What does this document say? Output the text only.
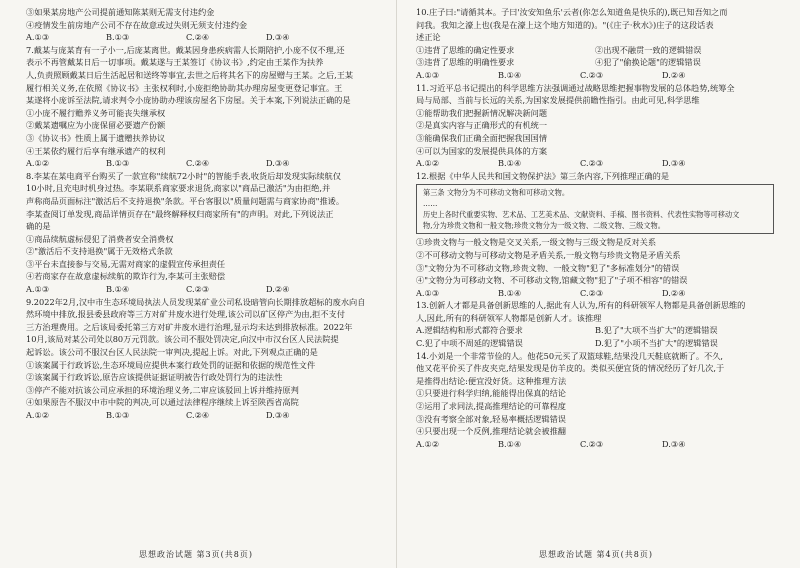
③如果某房地产公司提前通知陈某则无需支付违约金

④疫情发生前房地产公司不存在故意或过失则无须支付违约金

A.①③	B.①③	C.②④	D.③④

7.戴某与庞某育有一子小一,后庞某离世。戴某因身患疾病需人长期陪护,小庞不仅不理,还

表示不再管戴某日后一切事项。戴某遂与王某签订《协议书》,约定由王某作为扶养

人,负责照顾戴某日后生活起居和送终等事宜,去世之后将其名下的房屋赠与王某。之后,王某

履行相关义务,在依照《协议书》主张权利时,小庞拒绝协助其办理房屋变更登记事宜。王

某遂将小庞诉至法院,请求判令小庞协助办理该房屋名下房屋。关于本案,下列说法正确的是

①小庞不履行赡养义务可能丧失继承权

②戴某遗嘱应为小庞保留必要遗产份额

③《协议书》性质上属于遗赠扶养协议

④王某依约履行后享有继承遗产的权利

A.①②	B.①③	C.②④	D.③④

8.李某在某电商平台购买了一款宣称"续航72小时"的智能手表,收货后却发现实际续航仅

10小时,且充电时机身过热。李某联系商家要求退货,商家以"商品已激活"为由拒绝,并

声称商品页面标注"激活后不支持退换"条款。平台客服以"质量问题需与商家协商"推诿。

李某查阅订单发现,商品详情页存在"最终解释权归商家所有"的声明。对此,下列说法正

确的是

①商品续航虚标侵犯了消费者安全消费权

②"激活后不支持退换"属于无效格式条款

③平台未直接参与交易,无需对商家的虚假宣传承担责任

④若商家存在故意虚标续航的欺诈行为,李某可主张赔偿

A.①③	B.①④	C.②③	D.②④

9.2022年2月,汉中市生态环境局执法人员发现某矿业公司私设暗管向长期排放超标的废水向自

然环境中排放,报县委县政府等三方对矿井废水进行处理,该公司以矿区停产为由,拒不支付

三方治理费用。之后该局委托第三方对矿井废水进行治理,显示均未达到排放标准。2022年

10月,该局对某公司处以80万元罚款。该公司不服处罚决定,向汉中市汉台区人民法院提

起诉讼。该公司不服汉台区人民法院一审判决,提起上诉。对此,下列观点正确的是

①该案属于行政诉讼,生态环境局应提供本案行政处罚的证据和依据的规范性文件

②该案属于行政诉讼,原告应该提供证据证明被告行政处罚行为的违法性

③停产不能对抗该公司应承担的环境治理义务,二审应该驳回上诉并维持原判

④如果原告不服汉中市中院的判决,可以通过法律程序继续上诉至陕西省高院

A.①②	B.①③	C.②④	D.③④
思想政治试题 第3页(共8页)

10.庄子曰:"请循其本。子曰'汝安知鱼乐'云者(你怎么知道鱼是快乐的),既已知吾知之而

问我。我知之濠上也(我是在濠上这个地方知道的)。"(《庄子·秋水》)庄子的这段话表

述正论

①违背了思维的确定性要求	②出现不融贯一致的逻辑错误
③违背了思维的明确性要求	④犯了"偷换论题"的逻辑错误
A.①③	B.①④	C.②③	D.②④

11.习近平总书记提出的科学思维方法强调通过战略思维把握事物发展的总体趋势,统筹全

局与局部、当前与长远的关系,为国家发展提供前瞻性指引。由此可见,科学思维

①能帮助我们把握新情况解决新问题

②是真实内容与正确形式的有机统一

③能确保我们正确全面把握我国国情

④可以为国家的发展提供具体的方案

A.①②	B.①④	C.②③	D.③④

12.根据《中华人民共和国文物保护法》第三条内容,下列推理正确的是

第三条 文物分为不可移动文物和可移动文物。

……

历史上各时代重要实物、艺术品、工艺美术品、文献资料、手稿、图书资料、代表性实物等可移动文

物,分为珍贵文物和一般文物;珍贵文物分为一级文物、二级文物、三级文物。

①珍贵文物与一般文物是交叉关系,一级文物与三级文物是反对关系

②不可移动文物与可移动文物是矛盾关系,一般文物与珍贵文物是矛盾关系

③"文物分为不可移动文物,珍贵文物、一般文物"犯了"多标准划分"的错误

④"文物分为可移动文物、不可移动文物,馆藏文物"犯了"子项不相容"的错误

A.①③	B.①④	C.②③	D.②④

13.创新人才都是具备创新思维的人,据此有人认为,所有的科研领军人物都是具备创新思维的

人,因此,所有的科研领军人物都是创新人才。该推理

A.逻辑结构和形式都符合要求	B.犯了"大项不当扩大"的逻辑错误
C.犯了中项不周延的逻辑错误	D.犯了"小项不当扩大"的逻辑错误

14.小刘是一个非常节俭的人。他花50元买了双篮球鞋,结果没几天鞋底就断了。不久,

他又花平价买了件皮夹克,结果发现是仿羊皮的。类似买便宜货的情况经历了好几次,于

是推得出结论:便宜没好货。这种推理方法

①只要进行科学归纳,能能得出保真的结论

②运用了求同法,提高推理结论的可靠程度

③没有考察全部对象,轻易率概括逻辑错误

④只要出现一个反例,推理结论就会被推翻

A.①②	B.①④	C.②③	D.③④
思想政治试题 第4页(共8页)
